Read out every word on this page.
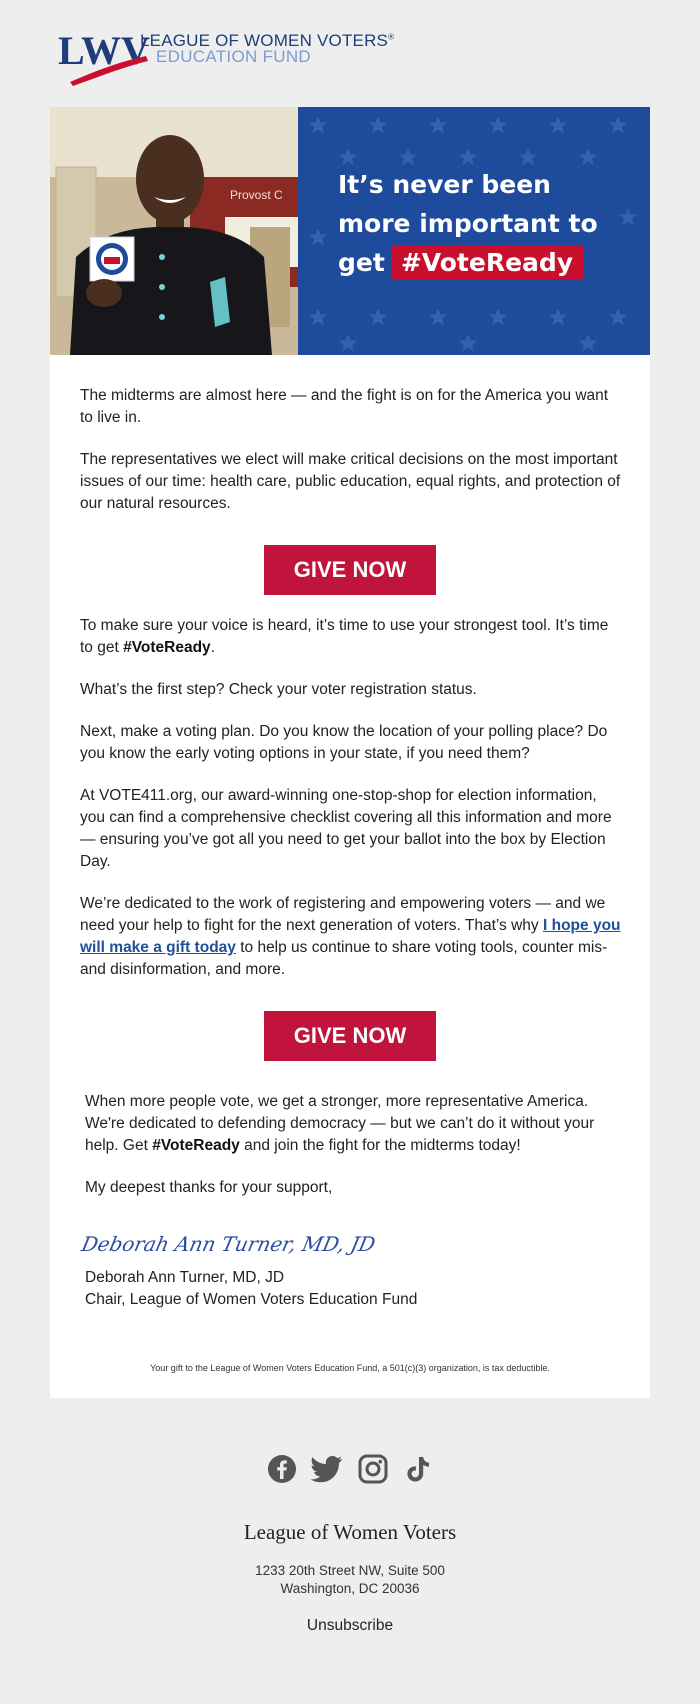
LWV
LEAGUE OF WOMEN VOTERS®
EDUCATION FUND
Provost C It’s never been
more important to
get #VoteReady
The midterms are almost here — and the fight is on for the America you want to live in.
The representatives we elect will make critical decisions on the most important issues of our time: health care, public education, equal rights, and protection of our natural resources.
GIVE NOW
To make sure your voice is heard, it’s time to use your strongest tool. It’s time to get #VoteReady.
What’s the first step? Check your voter registration status.
Next, make a voting plan. Do you know the location of your polling place? Do you know the early voting options in your state, if you need them?
At VOTE411.org, our award-winning one-stop-shop for election information, you can find a comprehensive checklist covering all this information and more — ensuring you’ve got all you need to get your ballot into the box by Election Day.
We’re dedicated to the work of registering and empowering voters — and we need your help to fight for the next generation of voters. That’s why I hope you will make a gift today to help us continue to share voting tools, counter mis- and disinformation, and more.
GIVE NOW
When more people vote, we get a stronger, more representative America. We're dedicated to defending democracy — but we can’t do it without your help. Get #VoteReady and join the fight for the midterms today!
My deepest thanks for your support,
Deborah Ann Turner, MD, JD
Deborah Ann Turner, MD, JD
Chair, League of Women Voters Education Fund
Your gift to the League of Women Voters Education Fund, a 501(c)(3) organization, is tax deductible.
League of Women Voters
1233 20th Street NW, Suite 500
Washington, DC 20036
Unsubscribe
